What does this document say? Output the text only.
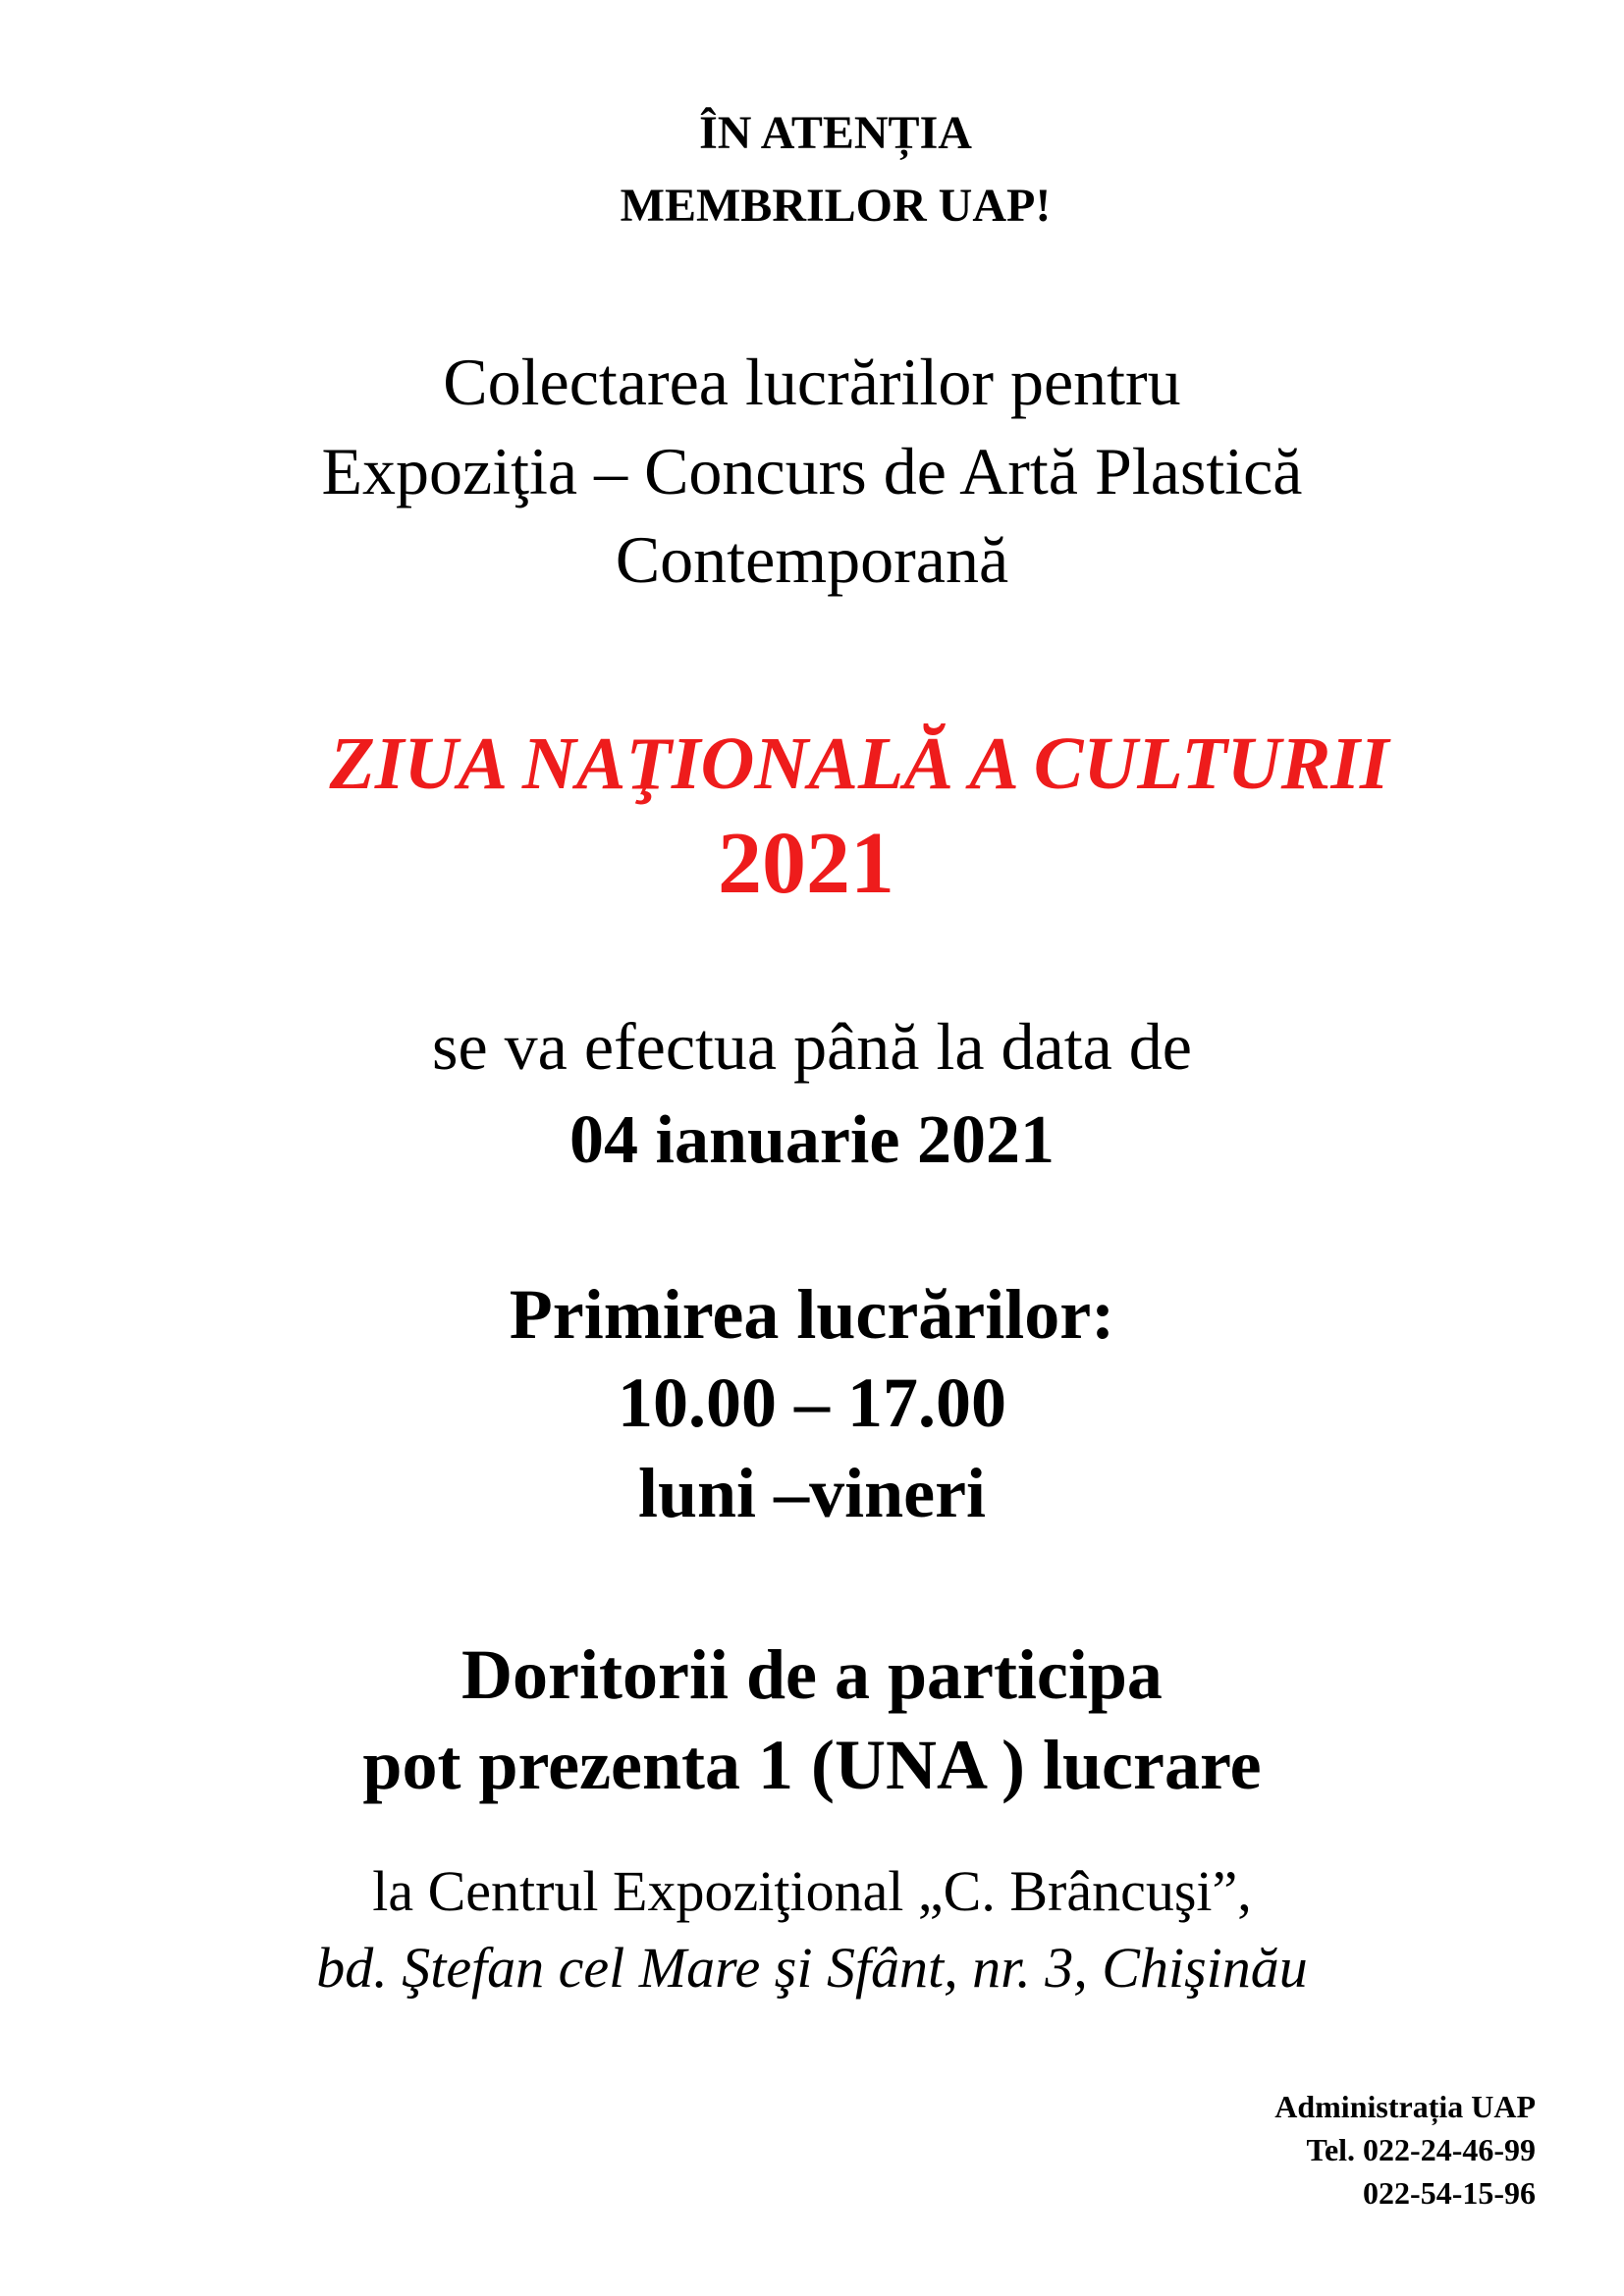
ÎN ATENȚIA
MEMBRILOR UAP!
Colectarea lucrărilor pentru
Expoziţia – Concurs de Artă Plastică
Contemporană
ZIUA NAŢIONALĂ A CULTURII
2021
se va efectua până la data de
04 ianuarie 2021
Primirea lucrărilor:
10.00 – 17.00
luni –vineri
Doritorii de a participa
pot prezenta 1 (UNA ) lucrare
la Centrul Expoziţional „C. Brâncuşi”,
bd. Ştefan cel Mare şi Sfânt, nr. 3, Chişinău
Administrația UAP
Tel. 022-24-46-99
022-54-15-96
